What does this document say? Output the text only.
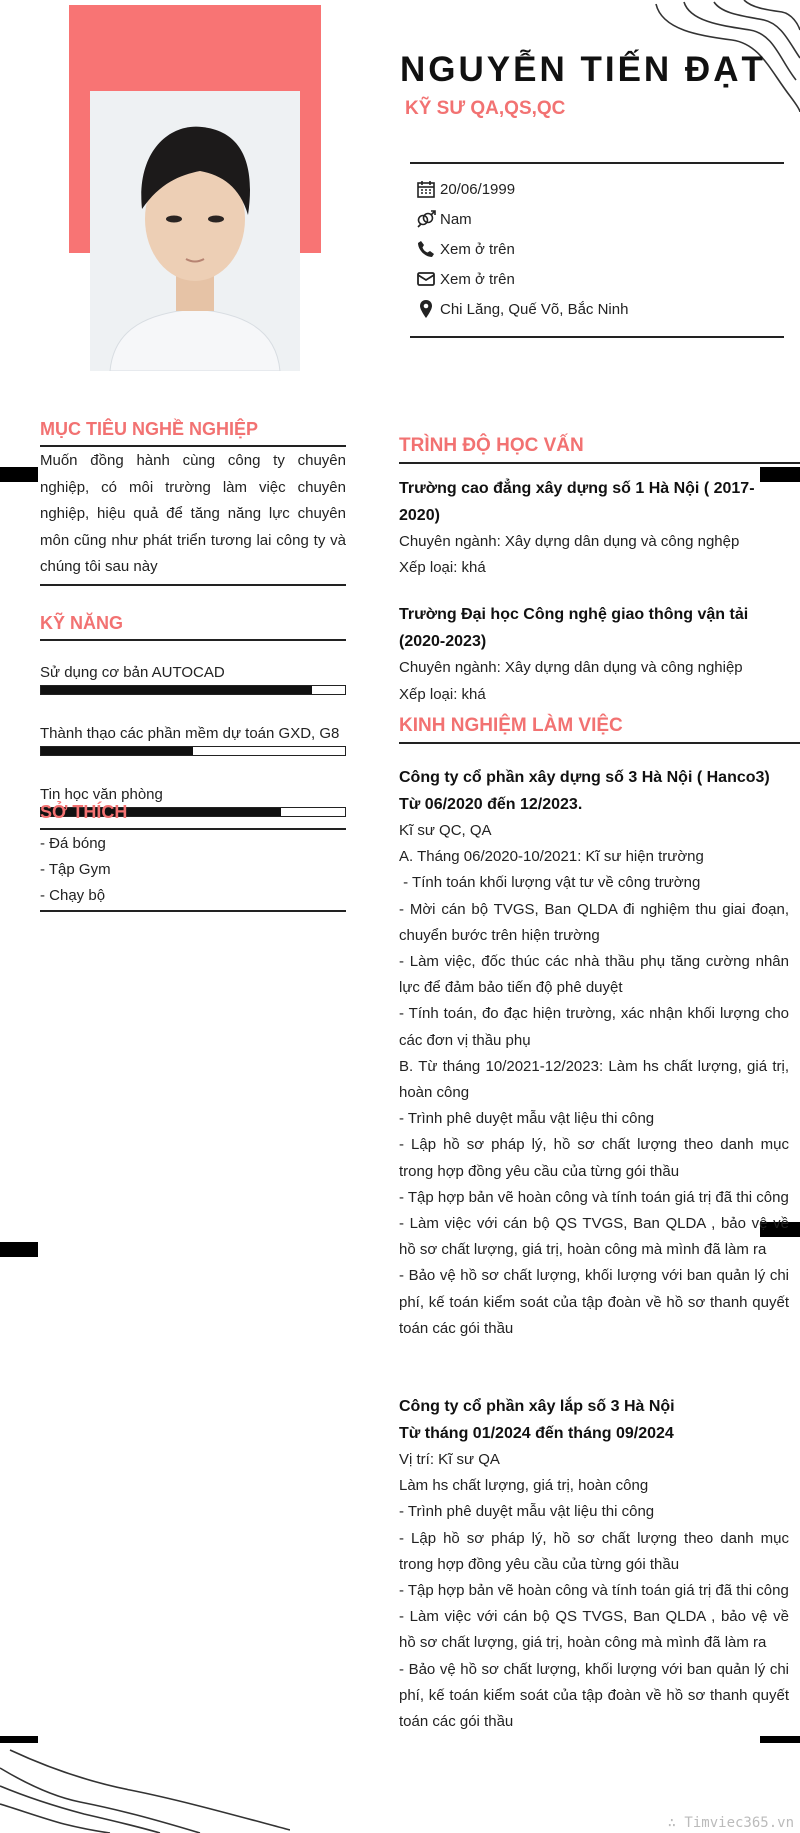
NGUYỄN TIẾN ĐẠT
KỸ SƯ QA,QS,QC
20/06/1999
Nam
Xem ở trên
Xem ở trên
Chi Lăng, Quế Võ, Bắc Ninh
MỤC TIÊU NGHỀ NGHIỆP
Muốn đồng hành cùng công ty chuyên nghiệp, có môi trường làm việc chuyên nghiệp, hiệu quả để tăng năng lực chuyên môn cũng như phát triển tương lai công ty và chúng tôi sau này
KỸ NĂNG
Sử dụng cơ bản AUTOCAD
Thành thạo các phần mềm dự toán GXD, G8
Tin học văn phòng
SỞ THÍCH
- Đá bóng
- Tập Gym
- Chạy bộ
TRÌNH ĐỘ HỌC VẤN
Trường cao đẳng xây dựng số 1 Hà Nội ( 2017-2020)
Chuyên ngành: Xây dựng dân dụng và công nghệp
Xếp loại: khá
Trường Đại học Công nghệ giao thông vận tải (2020-2023)
Chuyên ngành: Xây dựng dân dụng và công nghiệp
Xếp loại: khá
KINH NGHIỆM LÀM VIỆC
Công ty cổ phần xây dựng số 3 Hà Nội ( Hanco3)
Từ 06/2020 đến 12/2023.
Kĩ sư QC, QA
A. Tháng 06/2020-10/2021: Kĩ sư hiện trường
- Tính toán khối lượng vật tư về công trường
- Mời cán bộ TVGS, Ban QLDA đi nghiệm thu giai đoạn, chuyển bước trên hiện trường
- Làm việc, đốc thúc các nhà thầu phụ tăng cường nhân lực để đảm bảo tiến độ phê duyệt
- Tính toán, đo đạc hiện trường, xác nhận khối lượng cho các đơn vị thầu phụ
B. Từ tháng 10/2021-12/2023: Làm hs chất lượng, giá trị, hoàn công
- Trình phê duyệt mẫu vật liệu thi công
- Lập hồ sơ pháp lý, hồ sơ chất lượng theo danh mục trong hợp đồng yêu cầu của từng gói thầu
- Tập hợp bản vẽ hoàn công và tính toán giá trị đã thi công
- Làm việc với cán bộ QS TVGS, Ban QLDA , bảo vệ về hồ sơ chất lượng, giá trị, hoàn công mà mình đã làm ra
- Bảo vệ hồ sơ chất lượng, khối lượng với ban quản lý chi phí, kế toán kiểm soát của tập đoàn về hồ sơ thanh quyết toán các gói thầu
Công ty cổ phần xây lắp số 3 Hà Nội
Từ tháng 01/2024 đến tháng 09/2024
Vị trí: Kĩ sư QA
Làm hs chất lượng, giá trị, hoàn công
- Trình phê duyệt mẫu vật liệu thi công
- Lập hồ sơ pháp lý, hồ sơ chất lượng theo danh mục trong hợp đồng yêu cầu của từng gói thầu
- Tập hợp bản vẽ hoàn công và tính toán giá trị đã thi công
- Làm việc với cán bộ QS TVGS, Ban QLDA , bảo vệ về hồ sơ chất lượng, giá trị, hoàn công mà mình đã làm ra
- Bảo vệ hồ sơ chất lượng, khối lượng với ban quản lý chi phí, kế toán kiểm soát của tập đoàn về hồ sơ thanh quyết toán các gói thầu
∴ Timviec365.vn
